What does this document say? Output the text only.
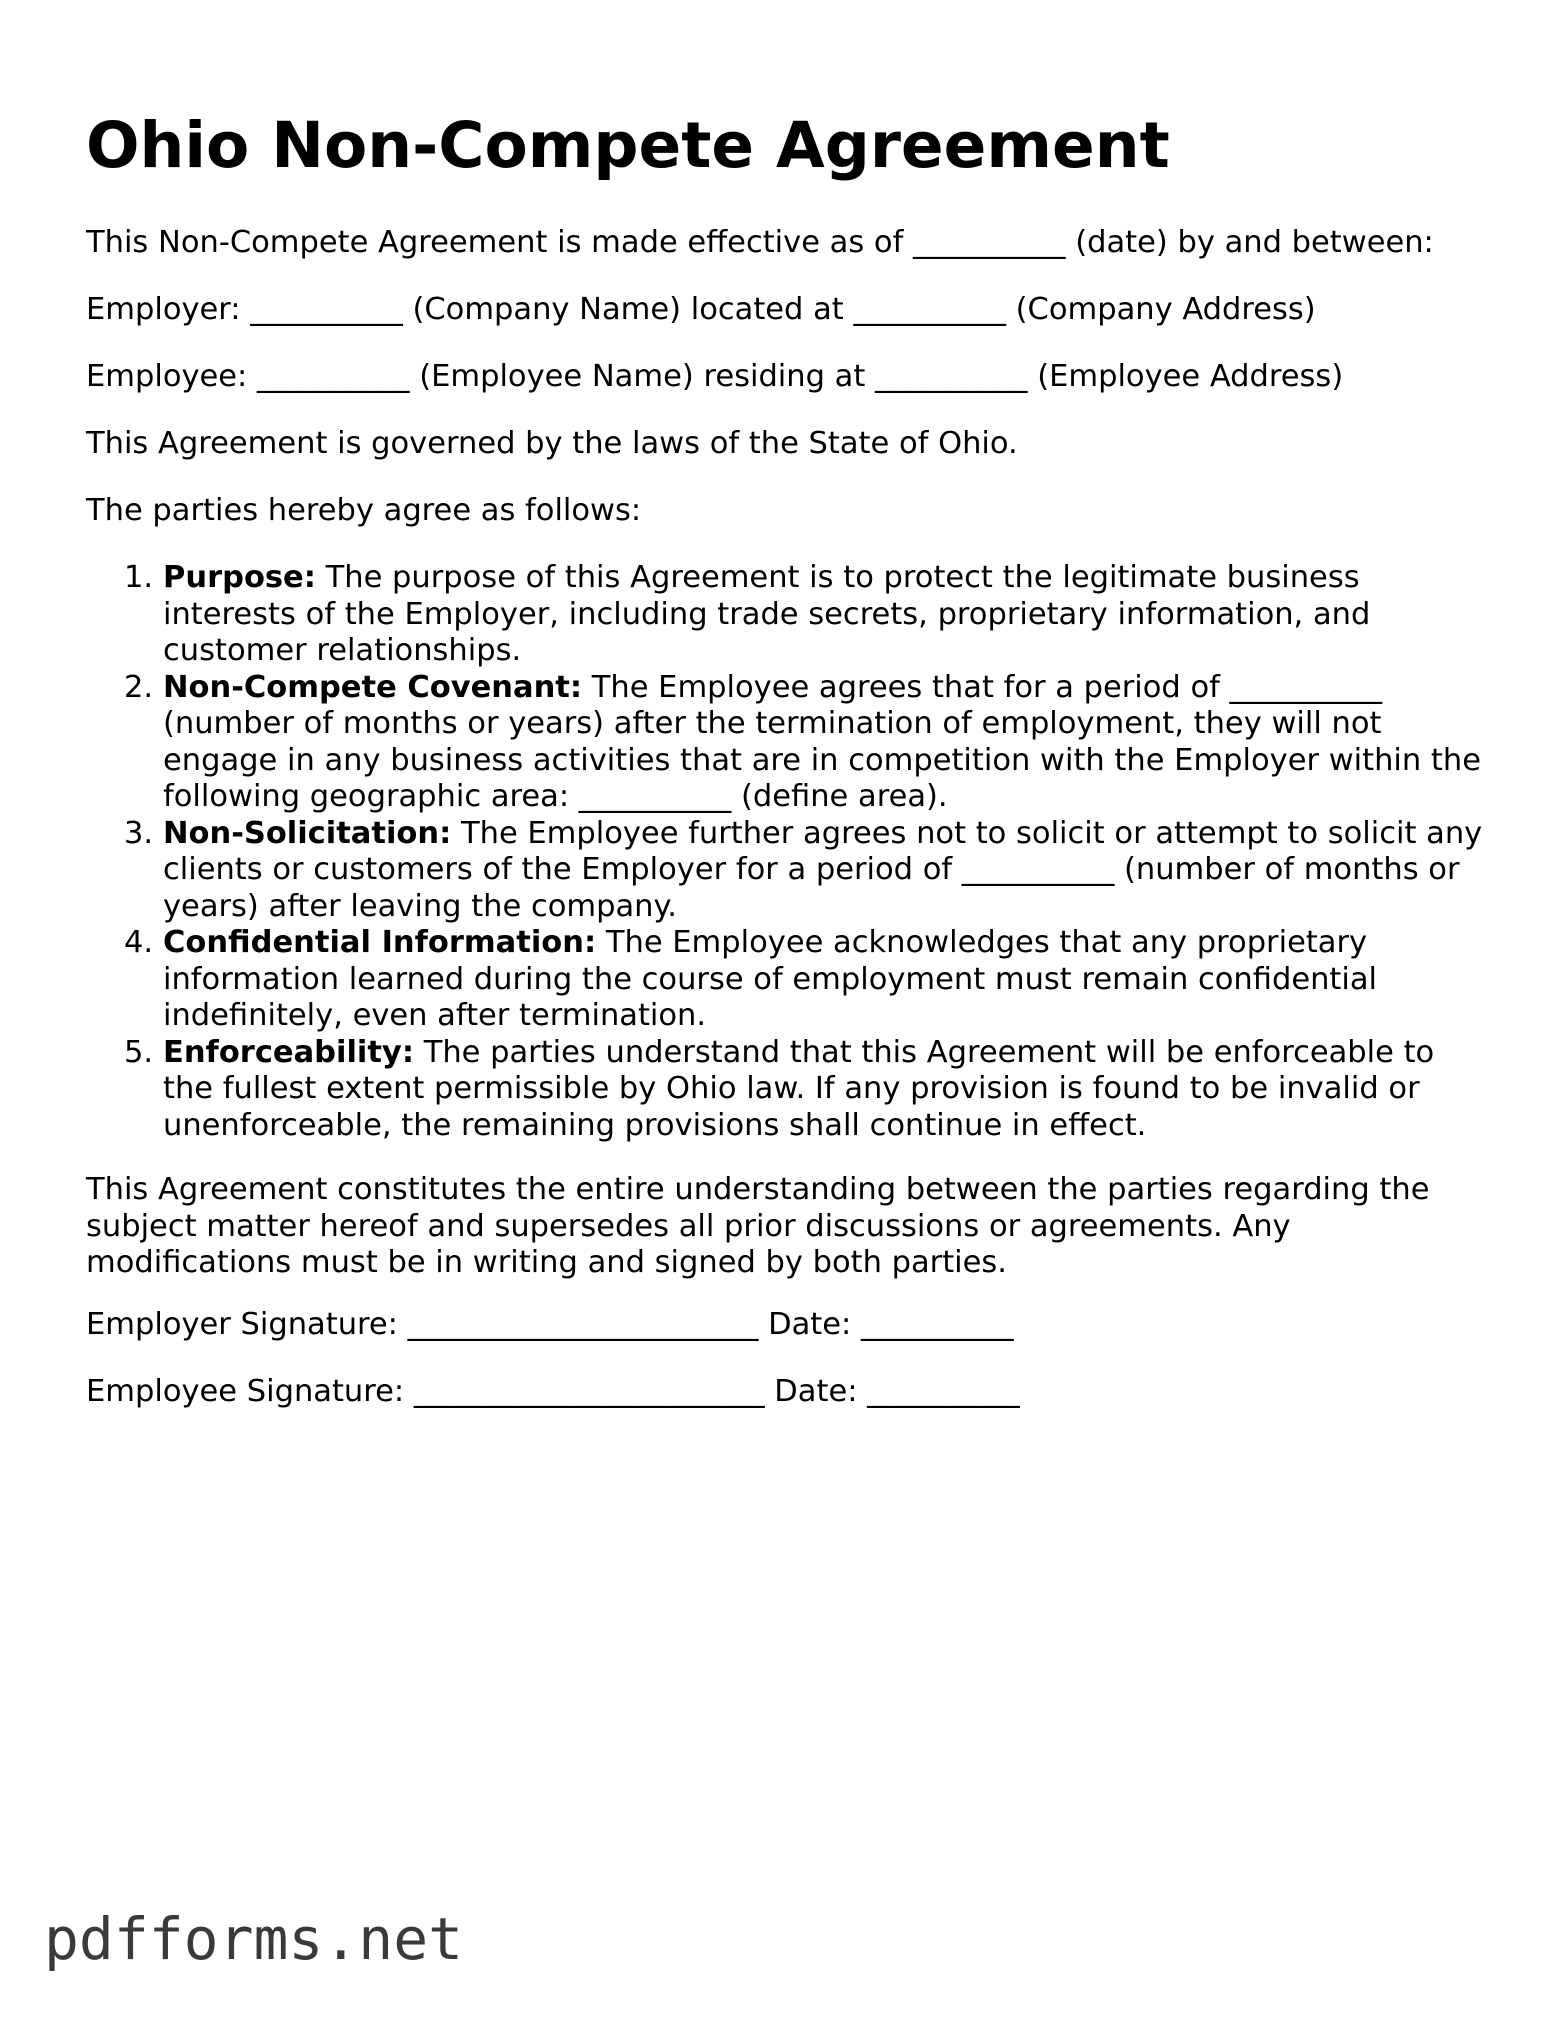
Ohio Non-Compete Agreement

This Non-Compete Agreement is made effective as of __________ (date) by and between:

Employer: __________ (Company Name) located at __________ (Company Address)

Employee: __________ (Employee Name) residing at __________ (Employee Address)

This Agreement is governed by the laws of the State of Ohio.

The parties hereby agree as follows:

1. Purpose: The purpose of this Agreement is to protect the legitimate business interests of the Employer, including trade secrets, proprietary information, and customer relationships.
2. Non-Compete Covenant: The Employee agrees that for a period of __________ (number of months or years) after the termination of employment, they will not engage in any business activities that are in competition with the Employer within the following geographic area: __________ (define area).
3. Non-Solicitation: The Employee further agrees not to solicit or attempt to solicit any clients or customers of the Employer for a period of __________ (number of months or years) after leaving the company.
4. Confidential Information: The Employee acknowledges that any proprietary information learned during the course of employment must remain confidential indefinitely, even after termination.
5. Enforceability: The parties understand that this Agreement will be enforceable to the fullest extent permissible by Ohio law. If any provision is found to be invalid or unenforceable, the remaining provisions shall continue in effect.

This Agreement constitutes the entire understanding between the parties regarding the subject matter hereof and supersedes all prior discussions or agreements. Any modifications must be in writing and signed by both parties.

Employer Signature: _______________________ Date: __________

Employee Signature: _______________________ Date: __________

pdfforms.net
